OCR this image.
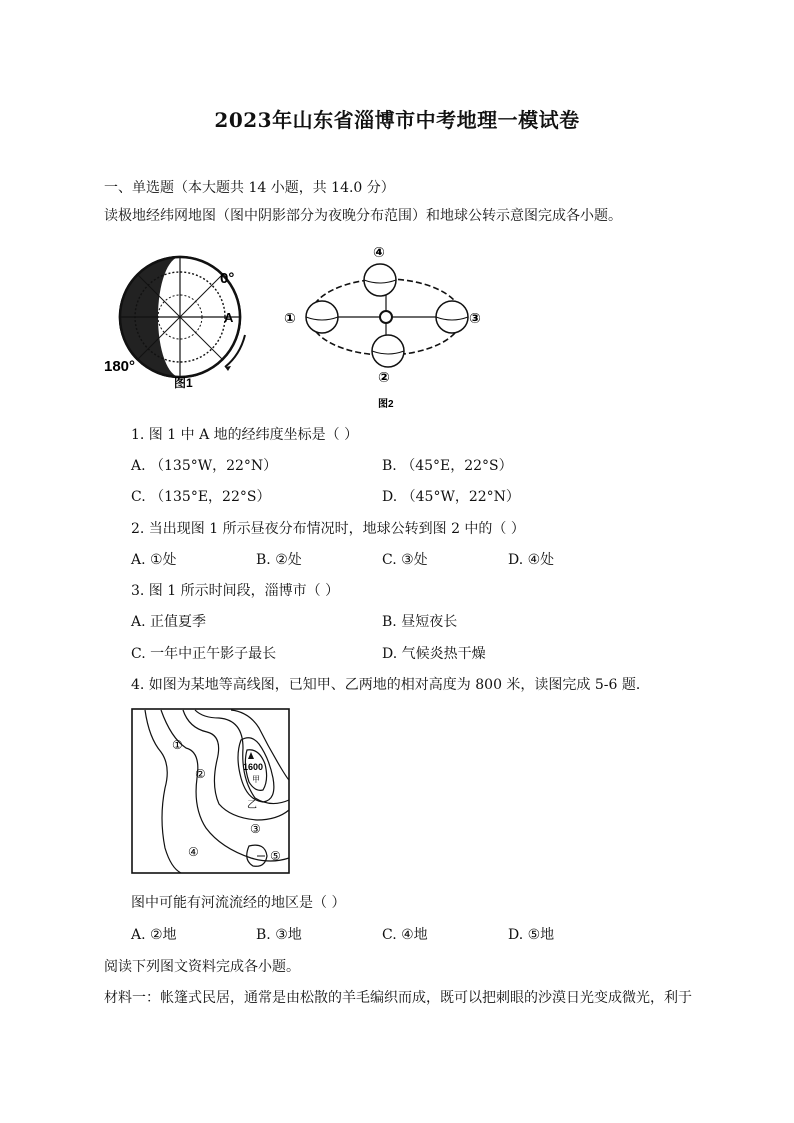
2023年山东省淄博市中考地理一模试卷
一、单选题（本大题共 14 小题，共 14.0 分）
读极地经纬网地图（图中阴影部分为夜晚分布范围）和地球公转示意图完成各小题。
0°
A
180°
图1
④
①	③
②
图2
1. 图 1 中 A 地的经纬度坐标是（ ）
A. （135°W，22°N）	B. （45°E，22°S）
C. （135°E，22°S）	D. （45°W，22°N）
2. 当出现图 1 所示昼夜分布情况时，地球公转到图 2 中的（ ）
A. ①处	B. ②处	C. ③处	D. ④处
3. 图 1 所示时间段，淄博市（ ）
A. 正值夏季	B. 昼短夜长
C. 一年中正午影子最长	D. 气候炎热干燥
4. 如图为某地等高线图，已知甲、乙两地的相对高度为 800 米，读图完成 5-6 题．
1600
甲
乙
①
②
③
④	⑤
图中可能有河流流经的地区是（ ）
A. ②地	B. ③地	C. ④地	D. ⑤地
阅读下列图文资料完成各小题。
材料一：帐篷式民居，通常是由松散的羊毛编织而成，既可以把刺眼的沙漠日光变成微光，利于
